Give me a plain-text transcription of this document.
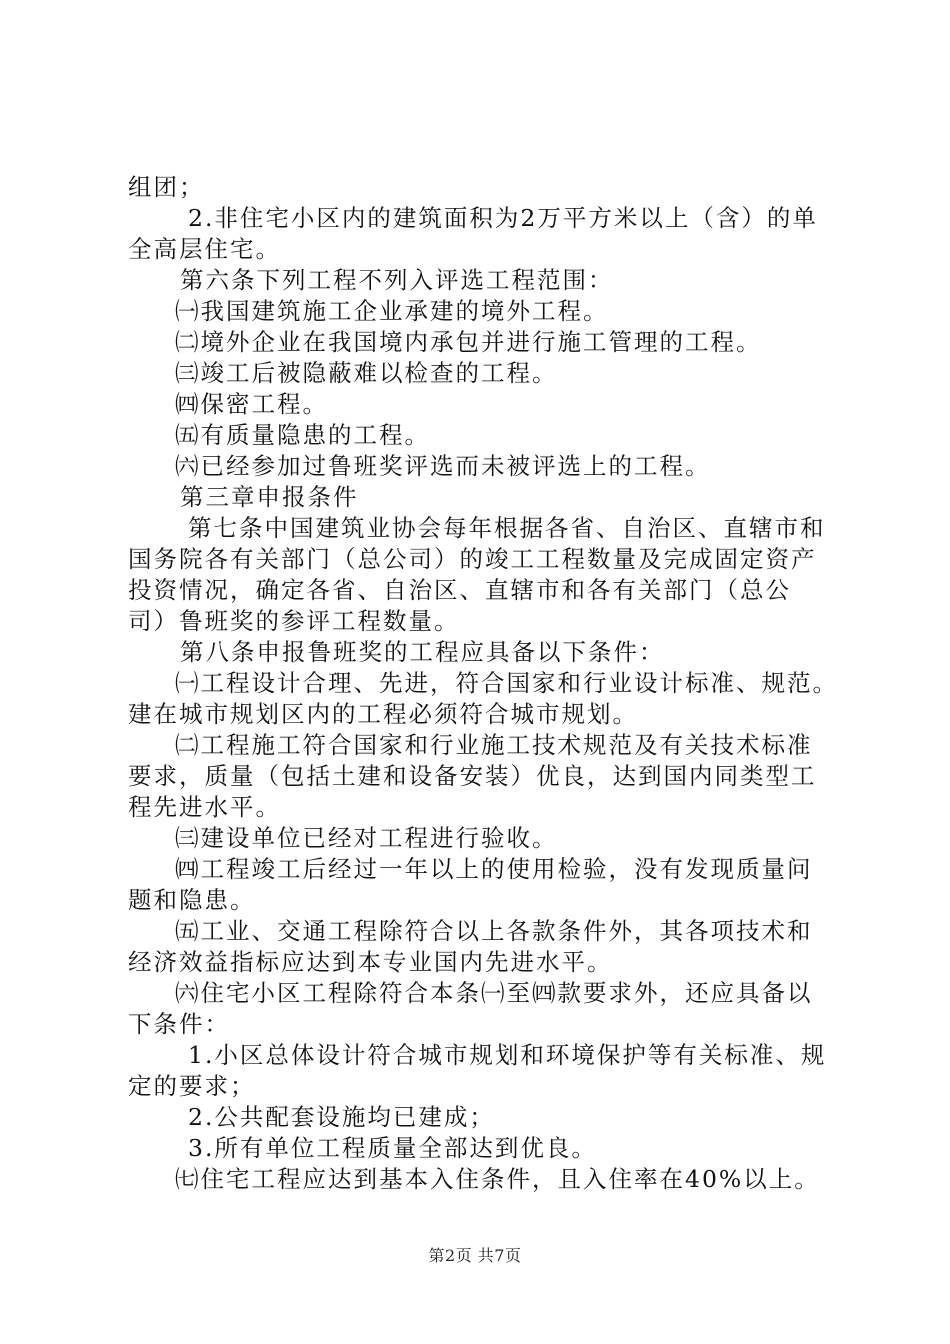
组团；
2.非住宅小区内的建筑面积为2万平方米以上（含）的单
全高层住宅。
第六条下列工程不列入评选工程范围：
㈠我国建筑施工企业承建的境外工程。
㈡境外企业在我国境内承包并进行施工管理的工程。
㈢竣工后被隐蔽难以检查的工程。
㈣保密工程。
㈤有质量隐患的工程。
㈥已经参加过鲁班奖评选而未被评选上的工程。
第三章申报条件
第七条中国建筑业协会每年根据各省、自治区、直辖市和
国务院各有关部门（总公司）的竣工工程数量及完成固定资产
投资情况，确定各省、自治区、直辖市和各有关部门（总公
司）鲁班奖的参评工程数量。
第八条申报鲁班奖的工程应具备以下条件：
㈠工程设计合理、先进，符合国家和行业设计标准、规范。
建在城市规划区内的工程必须符合城市规划。
㈡工程施工符合国家和行业施工技术规范及有关技术标准
要求，质量（包括土建和设备安装）优良，达到国内同类型工
程先进水平。
㈢建设单位已经对工程进行验收。
㈣工程竣工后经过一年以上的使用检验，没有发现质量问
题和隐患。
㈤工业、交通工程除符合以上各款条件外，其各项技术和
经济效益指标应达到本专业国内先进水平。
㈥住宅小区工程除符合本条㈠至㈣款要求外，还应具备以
下条件：
1.小区总体设计符合城市规划和环境保护等有关标准、规
定的要求；
2.公共配套设施均已建成；
3.所有单位工程质量全部达到优良。
㈦住宅工程应达到基本入住条件，且入住率在40%以上。
第2页 共7页
